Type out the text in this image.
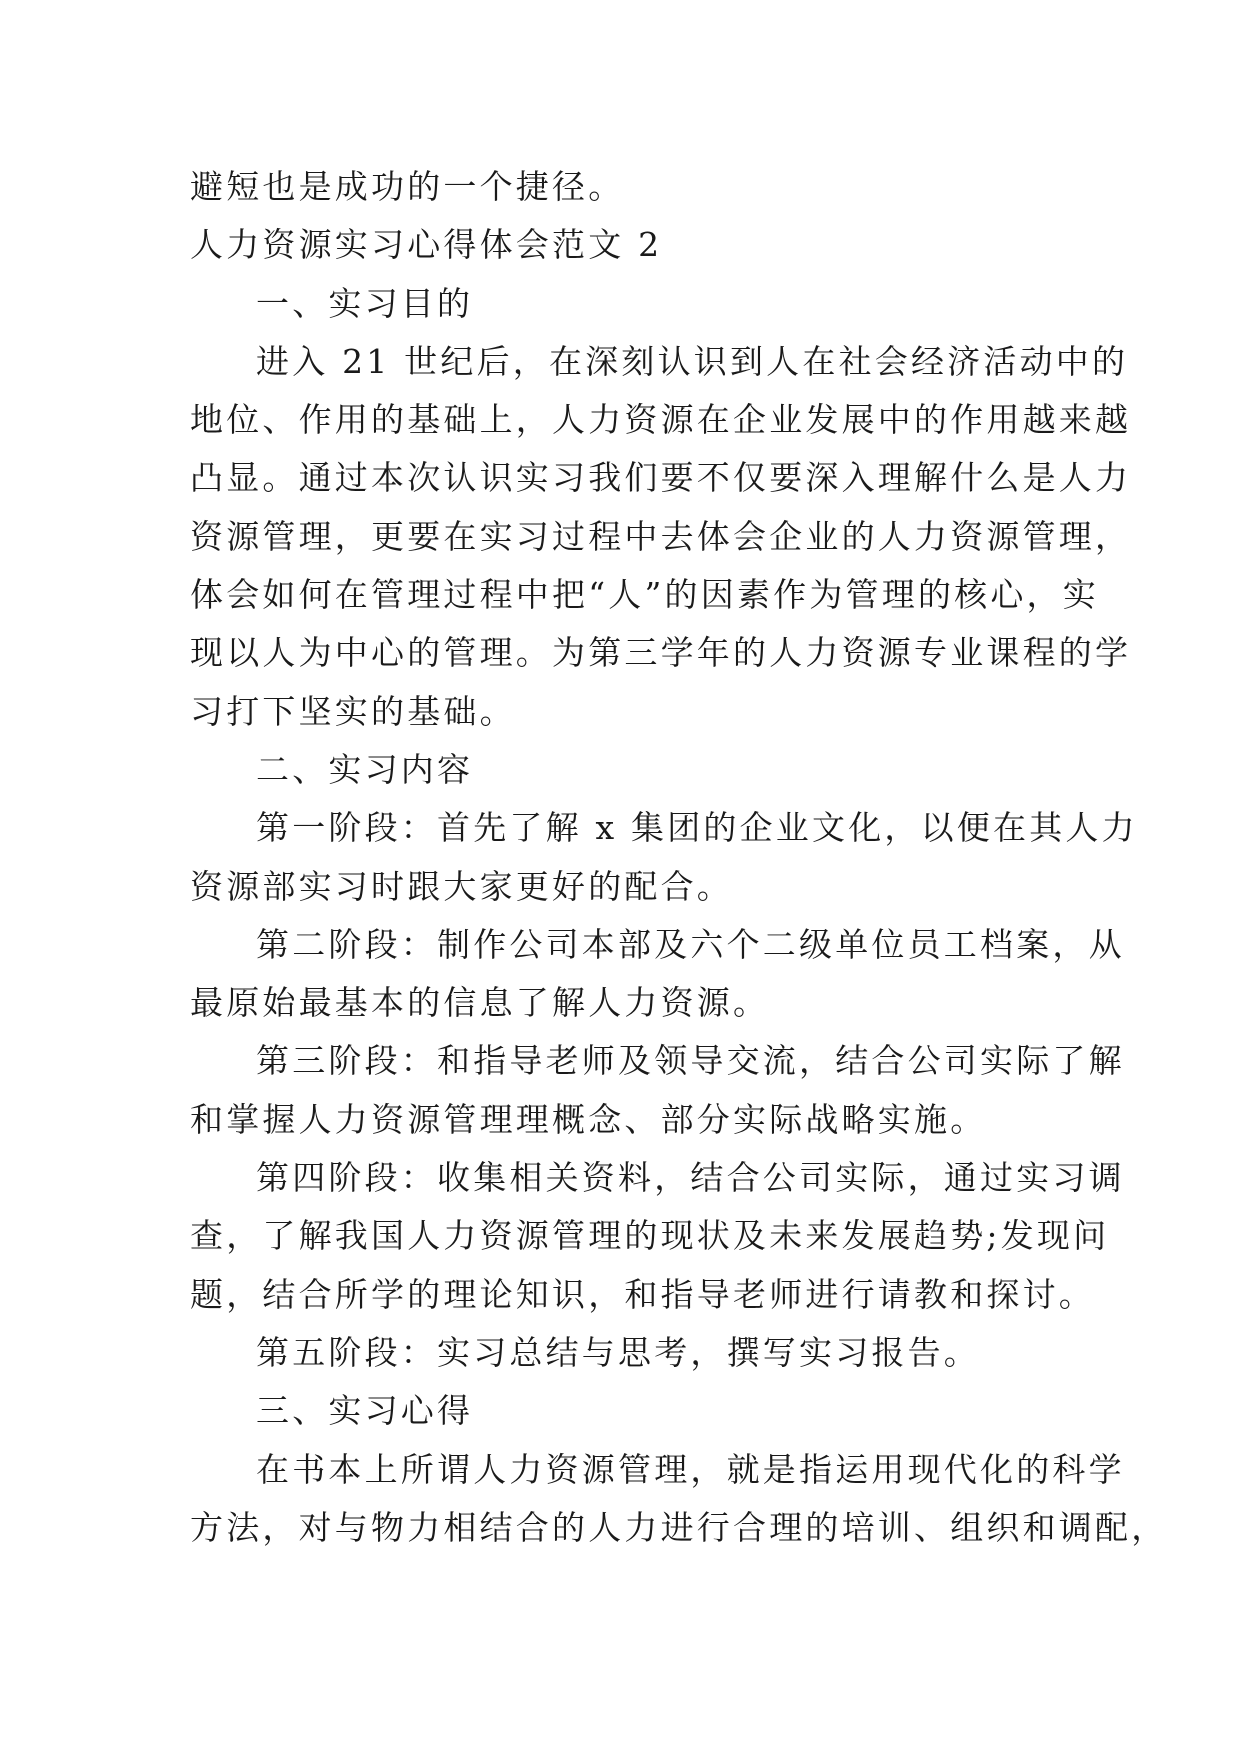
避短也是成功的一个捷径。
人力资源实习心得体会范文 2
一、实习目的
进入 21 世纪后，在深刻认识到人在社会经济活动中的
地位、作用的基础上，人力资源在企业发展中的作用越来越
凸显。通过本次认识实习我们要不仅要深入理解什么是人力
资源管理，更要在实习过程中去体会企业的人力资源管理，
体会如何在管理过程中把“人”的因素作为管理的核心，实
现以人为中心的管理。为第三学年的人力资源专业课程的学
习打下坚实的基础。
二、实习内容
第一阶段：首先了解 x 集团的企业文化，以便在其人力
资源部实习时跟大家更好的配合。
第二阶段：制作公司本部及六个二级单位员工档案，从
最原始最基本的信息了解人力资源。
第三阶段：和指导老师及领导交流，结合公司实际了解
和掌握人力资源管理理概念、部分实际战略实施。
第四阶段：收集相关资料，结合公司实际，通过实习调
查，了解我国人力资源管理的现状及未来发展趋势;发现问
题，结合所学的理论知识，和指导老师进行请教和探讨。
第五阶段：实习总结与思考，撰写实习报告。
三、实习心得
在书本上所谓人力资源管理，就是指运用现代化的科学
方法，对与物力相结合的人力进行合理的培训、组织和调配，
